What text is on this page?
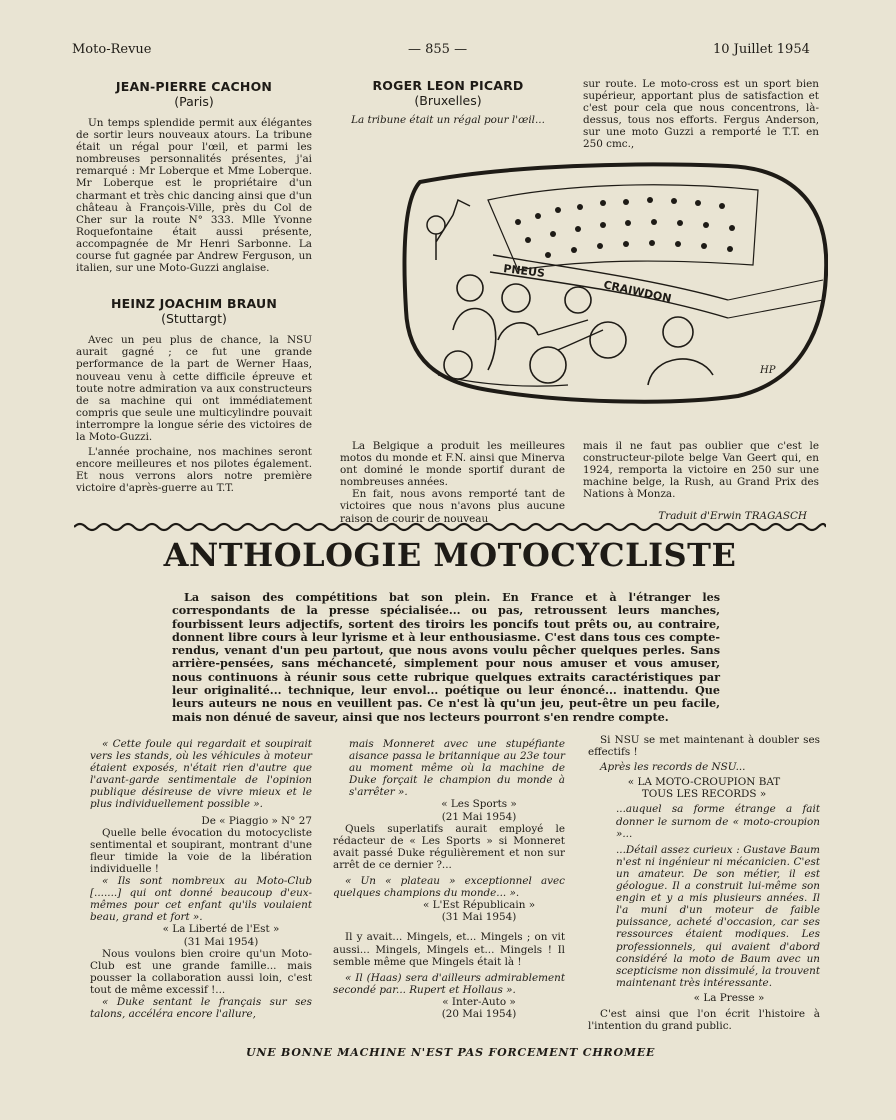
Moto-Revue	— 855 —	10 Juillet 1954
JEAN-PIERRE CACHON
(Paris)

Un temps splendide permit aux élégantes de sortir leurs nouveaux atours. La tribune était un régal pour l'œil, et parmi les nombreuses personnalités présentes, j'ai remarqué : Mr Loberque et Mme Loberque. Mr Loberque est le propriétaire d'un charmant et très chic dancing ainsi que d'un château à François-Ville, près du Col de Cher sur la route N° 333. Mlle Yvonne Roquefontaine était aussi présente, accompagnée de Mr Henri Sarbonne. La course fut gagnée par Andrew Ferguson, un italien, sur une Moto-Guzzi anglaise.

HEINZ JOACHIM BRAUN
(Stuttargt)

Avec un peu plus de chance, la NSU aurait gagné ; ce fut une grande performance de la part de Werner Haas, nouveau venu à cette difficile épreuve et toute notre admiration va aux constructeurs de sa machine qui ont immédiatement compris que seule une multicylindre pouvait interrompre la longue série des victoires de la Moto-Guzzi.

L'année prochaine, nos machines seront encore meilleures et nos pilotes également. Et nous verrons alors notre première victoire d'après-guerre au T.T.

ROGER LEON PICARD
(Bruxelles)

La tribune était un régal pour l'œil...

sur route. Le moto-cross est un sport bien supérieur, apportant plus de satisfaction et c'est pour cela que nous concentrons, là-dessus, tous nos efforts. Fergus Anderson, sur une moto Guzzi a remporté le T.T. en 250 cmc.,

PNEUS
CRAIWDON
HP

La Belgique a produit les meilleures motos du monde et F.N. ainsi que Minerva ont dominé le monde sportif durant de nombreuses années.

En fait, nous avons remporté tant de victoires que nous n'avons plus aucune raison de courir de nouveau

mais il ne faut pas oublier que c'est le constructeur-pilote belge Van Geert qui, en 1924, remporta la victoire en 250 sur une machine belge, la Rush, au Grand Prix des Nations à Monza.

Traduit d'Erwin TRAGASCH

ANTHOLOGIE MOTOCYCLISTE

La saison des compétitions bat son plein. En France et à l'étranger les correspondants de la presse spécialisée... ou pas, retroussent leurs manches, fourbissent leurs adjectifs, sortent des tiroirs les poncifs tout prêts ou, au contraire, donnent libre cours à leur lyrisme et à leur enthousiasme. C'est dans tous ces compte-rendus, venant d'un peu partout, que nous avons voulu pêcher quelques perles. Sans arrière-pensées, sans méchanceté, simplement pour nous amuser et vous amuser, nous continuons à réunir sous cette rubrique quelques extraits caractéristiques par leur originalité... technique, leur envol... poétique ou leur énoncé... inattendu. Que leurs auteurs ne nous en veuillent pas. Ce n'est là qu'un jeu, peut-être un peu facile, mais non dénué de saveur, ainsi que nos lecteurs pourront s'en rendre compte.

« Cette foule qui regardait et soupirait vers les stands, où les véhicules à moteur étaient exposés, n'était rien d'autre que l'avant-garde sentimentale de l'opinion publique désireuse de vivre mieux et le plus individuellement possible ».

De « Piaggio » N° 27

Quelle belle évocation du motocycliste sentimental et soupirant, montrant d'une fleur timide la voie de la libération individuelle !

« Ils sont nombreux au Moto-Club [.......] qui ont donné beaucoup d'eux-mêmes pour cet enfant qu'ils voulaient beau, grand et fort ».

« La Liberté de l'Est »

(31 Mai 1954)

Nous voulons bien croire qu'un Moto-Club est une grande famille... mais pousser la collaboration aussi loin, c'est tout de même excessif !...

« Duke sentant le français sur ses talons, accéléra encore l'allure,

mais Monneret avec une stupéfiante aisance passa le britannique au 23e tour au moment même où la machine de Duke forçait le champion du monde à s'arrêter ».

« Les Sports »

(21 Mai 1954)

Quels superlatifs aurait employé le rédacteur de « Les Sports » si Monneret avait passé Duke régulièrement et non sur arrêt de ce dernier ?...

« Un « plateau » exceptionnel avec quelques champions du monde... ».

« L'Est Républicain »

(31 Mai 1954)

Il y avait... Mingels, et... Mingels ; on vit aussi... Mingels, Mingels et... Mingels ! Il semble même que Mingels était là !

« Il (Haas) sera d'ailleurs admirablement secondé par... Rupert et Hollaus ».

« Inter-Auto »

(20 Mai 1954)

Si NSU se met maintenant à doubler ses effectifs !

Après les records de NSU...

« LA MOTO-CROUPION BAT

TOUS LES RECORDS »

...auquel sa forme étrange a fait donner le surnom de « moto-croupion »...

...Détail assez curieux : Gustave Baum n'est ni ingénieur ni mécanicien. C'est un amateur. De son métier, il est géologue. Il a construit lui-même son engin et y a mis plusieurs années. Il l'a muni d'un moteur de faible puissance, acheté d'occasion, car ses ressources étaient modiques. Les professionnels, qui avaient d'abord considéré la moto de Baum avec un scepticisme non dissimulé, la trouvent maintenant très intéressante.

« La Presse »

C'est ainsi que l'on écrit l'histoire à l'intention du grand public.

UNE BONNE MACHINE N'EST PAS FORCEMENT CHROMEE
